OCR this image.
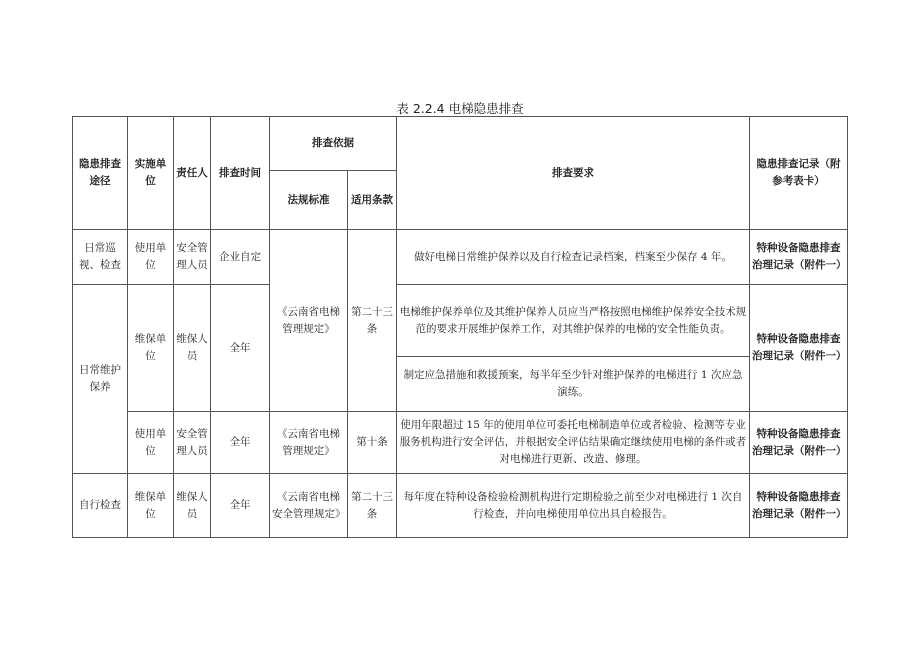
表 2.2.4 电梯隐患排查
隐患排查途径	实施单位	责任人	排查时间	排查依据		排查要求	隐患排查记录（附参考表卡）
				法规标准	适用条款		
日常巡视、检查	使用单位	安全管理人员	企业自定	《云南省电梯管理规定》	第二十三条	做好电梯日常维护保养以及自行检查记录档案，档案至少保存 4 年。	特种设备隐患排查治理记录（附件一）
日常维护保养	维保单位	维保人员	全年			电梯维护保养单位及其维护保养人员应当严格按照电梯维护保养安全技术规范的要求开展维护保养工作，对其维护保养的电梯的安全性能负责。	特种设备隐患排查治理记录（附件一）
						制定应急措施和救援预案，每半年至少针对维护保养的电梯进行 1 次应急演练。	
	使用单位	安全管理人员	全年	《云南省电梯管理规定》	第十条	使用年限超过 15 年的使用单位可委托电梯制造单位或者检验、检测等专业服务机构进行安全评估，并根据安全评估结果确定继续使用电梯的条件或者对电梯进行更新、改造、修理。	特种设备隐患排查治理记录（附件一）
自行检查	维保单位	维保人员	全年	《云南省电梯安全管理规定》	第二十三条	每年度在特种设备检验检测机构进行定期检验之前至少对电梯进行 1 次自行检查，并向电梯使用单位出具自检报告。	特种设备隐患排查治理记录（附件一）
